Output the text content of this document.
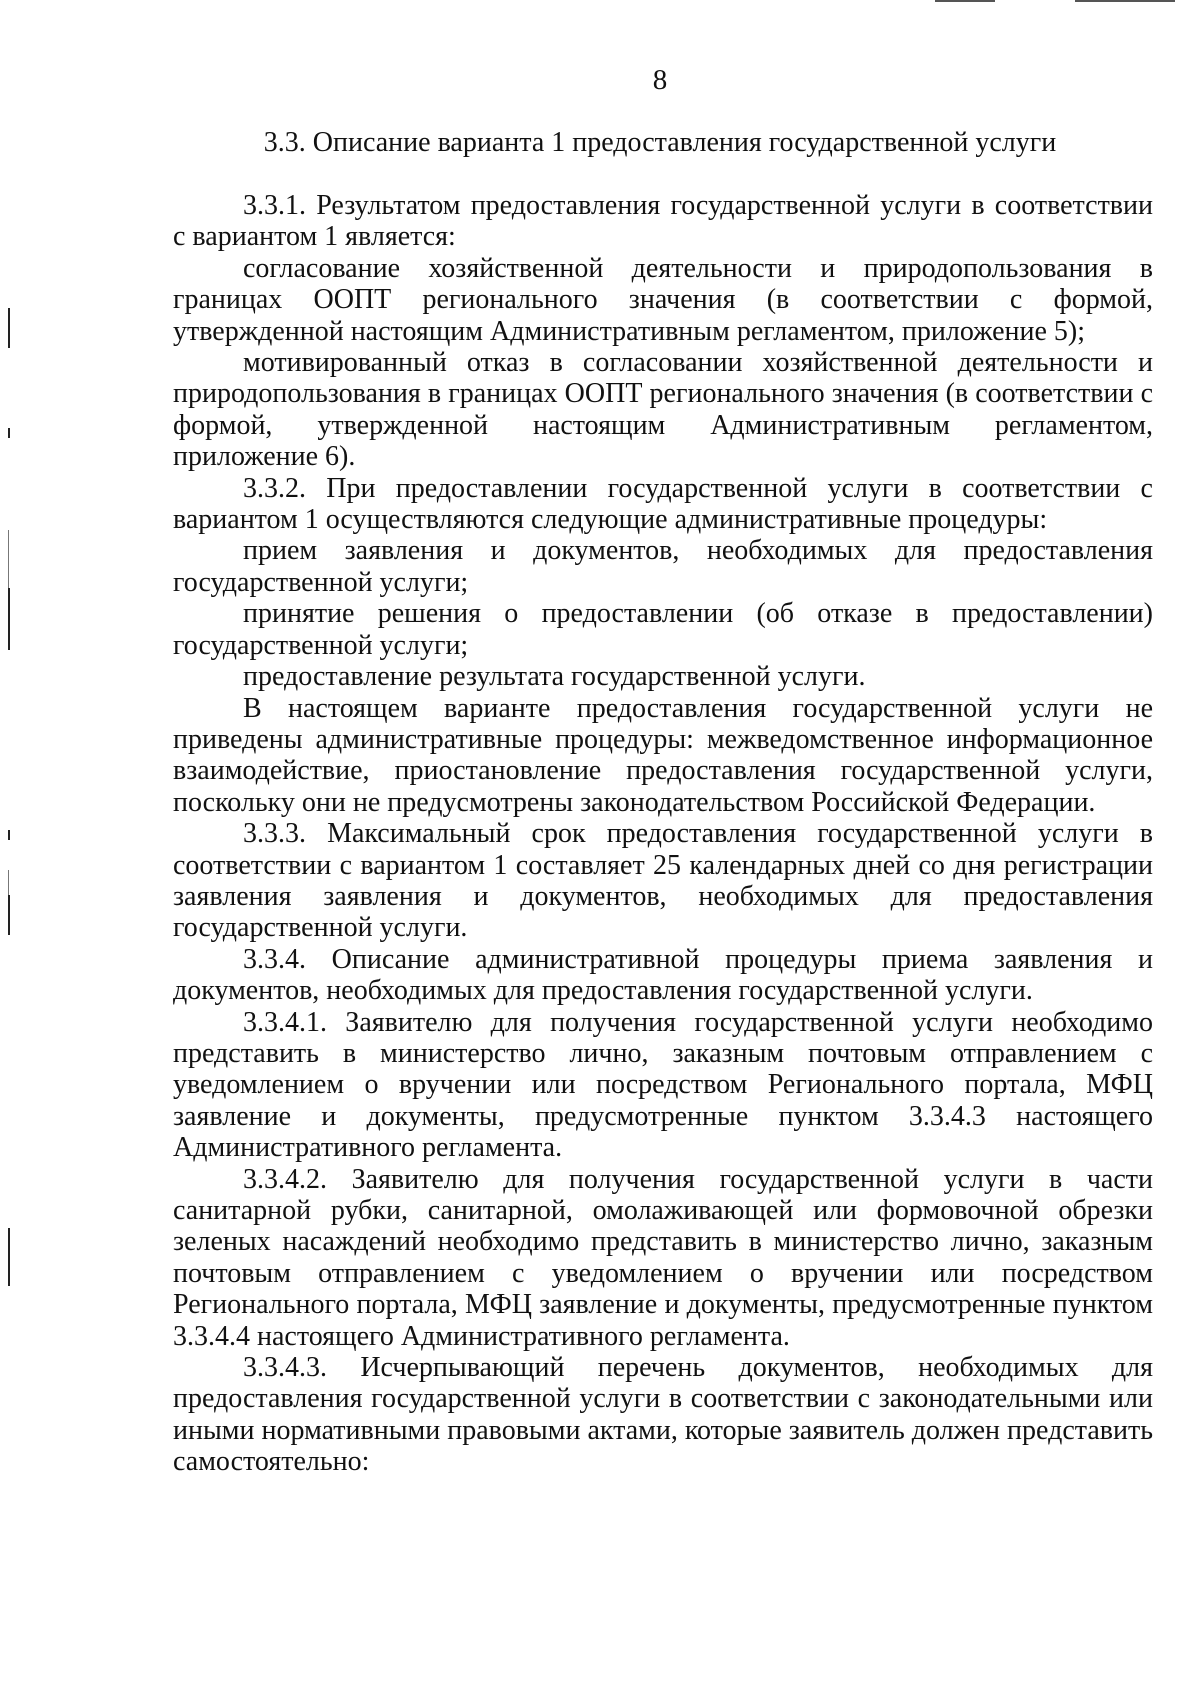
8
3.3. Описание варианта 1 предоставления государственной услуги

3.3.1. Результатом предоставления государственной услуги в соответствии с вариантом 1 является:

согласование хозяйственной деятельности и природопользования в границах ООПТ регионального значения (в соответствии с формой, утвержденной настоящим Административным регламентом, приложение 5);

мотивированный отказ в согласовании хозяйственной деятельности и природопользования в границах ООПТ регионального значения (в соответствии с формой, утвержденной настоящим Административным регламентом, приложение 6).

3.3.2. При предоставлении государственной услуги в соответствии с вариантом 1 осуществляются следующие административные процедуры:

прием заявления и документов, необходимых для предоставления государственной услуги;

принятие решения о предоставлении (об отказе в предоставлении) государственной услуги;

предоставление результата государственной услуги.

В настоящем варианте предоставления государственной услуги не приведены административные процедуры: межведомственное информационное взаимодействие, приостановление предоставления государственной услуги, поскольку они не предусмотрены законодательством Российской Федерации.

3.3.3. Максимальный срок предоставления государственной услуги в соответствии с вариантом 1 составляет 25 календарных дней со дня регистрации заявления заявления и документов, необходимых для предоставления государственной услуги.

3.3.4. Описание административной процедуры приема заявления и документов, необходимых для предоставления государственной услуги.

3.3.4.1. Заявителю для получения государственной услуги необходимо представить в министерство лично, заказным почтовым отправлением с уведомлением о вручении или посредством Регионального портала, МФЦ заявление и документы, предусмотренные пунктом 3.3.4.3 настоящего Административного регламента.

3.3.4.2. Заявителю для получения государственной услуги в части санитарной рубки, санитарной, омолаживающей или формовочной обрезки зеленых насаждений необходимо представить в министерство лично, заказным почтовым отправлением с уведомлением о вручении или посредством Регионального портала, МФЦ заявление и документы, предусмотренные пунктом 3.3.4.4 настоящего Административного регламента.

3.3.4.3. Исчерпывающий перечень документов, необходимых для предоставления государственной услуги в соответствии с законодательными или иными нормативными правовыми актами, которые заявитель должен представить самостоятельно:
